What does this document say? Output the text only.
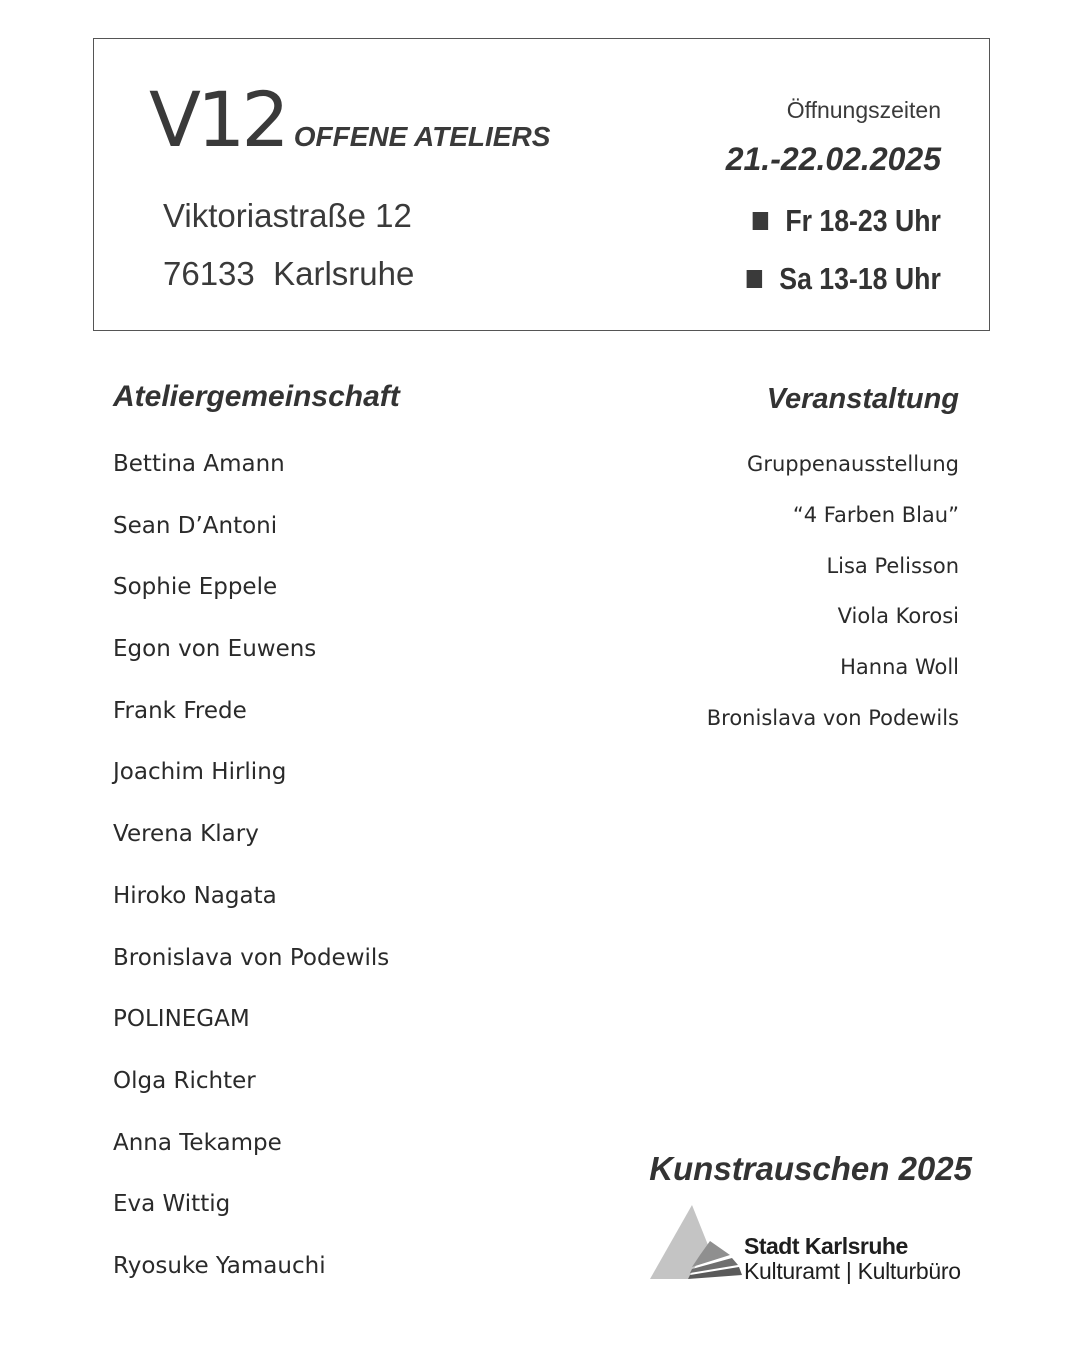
V12 OFFENE ATELIERS
Viktoriastraße 12
76133  Karlsruhe
Öffnungszeiten
21.-22.02.2025
Fr 18-23 Uhr
Sa 13-18 Uhr
Ateliergemeinschaft
Bettina Amann
Sean D’Antoni
Sophie Eppele
Egon von Euwens
Frank Frede
Joachim Hirling
Verena Klary
Hiroko Nagata
Bronislava von Podewils
POLINEGAM
Olga Richter
Anna Tekampe
Eva Wittig
Ryosuke Yamauchi
Veranstaltung
Gruppenausstellung
“4 Farben Blau”
Lisa Pelisson
Viola Korosi
Hanna Woll
Bronislava von Podewils
Kunstrauschen 2025
Stadt Karlsruhe
Kulturamt | Kulturbüro
